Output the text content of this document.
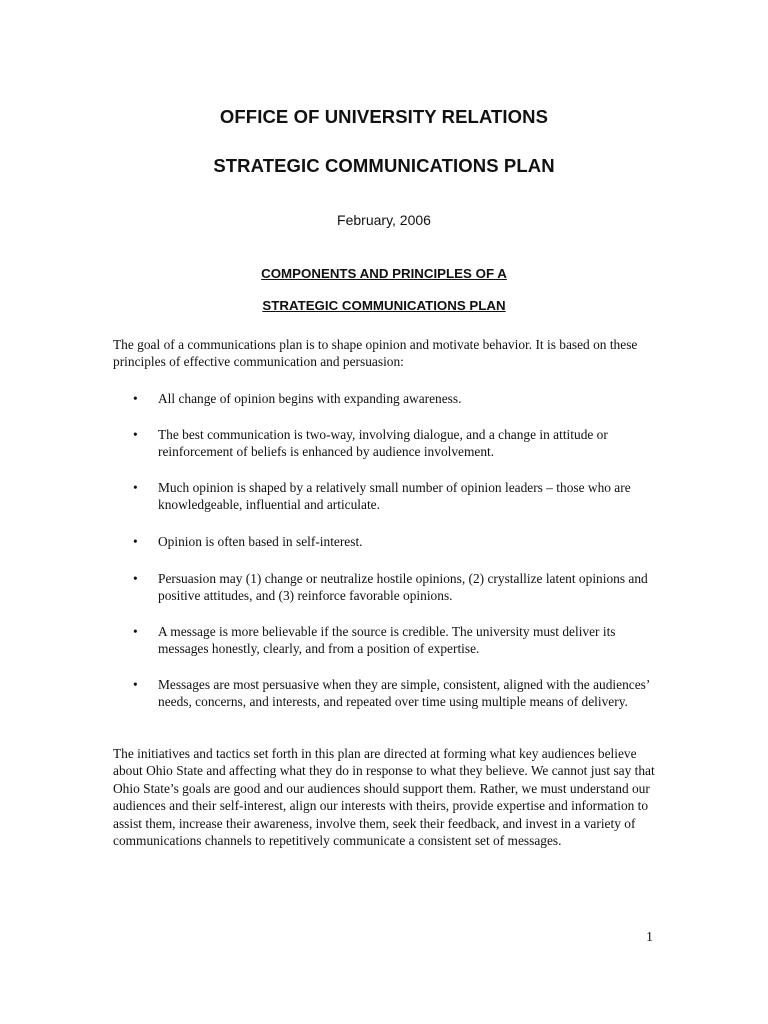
OFFICE OF UNIVERSITY RELATIONS
STRATEGIC COMMUNICATIONS PLAN
February, 2006
COMPONENTS AND PRINCIPLES OF A
STRATEGIC COMMUNICATIONS PLAN

The goal of a communications plan is to shape opinion and motivate behavior. It is based on these principles of effective communication and persuasion:

•	All change of opinion begins with expanding awareness.
•	The best communication is two-way, involving dialogue, and a change in attitude or reinforcement of beliefs is enhanced by audience involvement.
•	Much opinion is shaped by a relatively small number of opinion leaders – those who are knowledgeable, influential and articulate.
•	Opinion is often based in self-interest.
•	Persuasion may (1) change or neutralize hostile opinions, (2) crystallize latent opinions and positive attitudes, and (3) reinforce favorable opinions.
•	A message is more believable if the source is credible. The university must deliver its messages honestly, clearly, and from a position of expertise.
•	Messages are most persuasive when they are simple, consistent, aligned with the audiences’ needs, concerns, and interests, and repeated over time using multiple means of delivery.

The initiatives and tactics set forth in this plan are directed at forming what key audiences believe about Ohio State and affecting what they do in response to what they believe. We cannot just say that Ohio State’s goals are good and our audiences should support them. Rather, we must understand our audiences and their self-interest, align our interests with theirs, provide expertise and information to assist them, increase their awareness, involve them, seek their feedback, and invest in a variety of communications channels to repetitively communicate a consistent set of messages.

1
